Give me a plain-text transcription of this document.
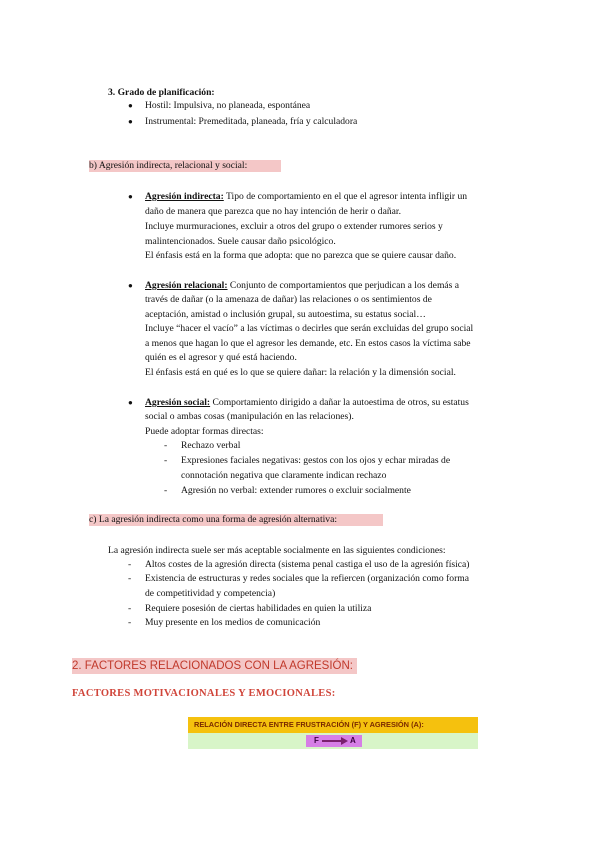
3. Grado de planificación:
● Hostil: Impulsiva, no planeada, espontánea
● Instrumental: Premeditada, planeada, fría y calculadora
b) Agresión indirecta, relacional y social:
● Agresión indirecta: Tipo de comportamiento en el que el agresor intenta infligir un
daño de manera que parezca que no hay intención de herir o dañar.
Incluye murmuraciones, excluir a otros del grupo o extender rumores serios y
malintencionados. Suele causar daño psicológico.
El énfasis está en la forma que adopta: que no parezca que se quiere causar daño.
● Agresión relacional: Conjunto de comportamientos que perjudican a los demás a
través de dañar (o la amenaza de dañar) las relaciones o os sentimientos de
aceptación, amistad o inclusión grupal, su autoestima, su estatus social…
Incluye “hacer el vacío” a las víctimas o decirles que serán excluidas del grupo social
a menos que hagan lo que el agresor les demande, etc. En estos casos la víctima sabe
quién es el agresor y qué está haciendo.
El énfasis está en qué es lo que se quiere dañar: la relación y la dimensión social.
● Agresión social: Comportamiento dirigido a dañar la autoestima de otros, su estatus
social o ambas cosas (manipulación en las relaciones).
Puede adoptar formas directas:
- Rechazo verbal
- Expresiones faciales negativas: gestos con los ojos y echar miradas de
connotación negativa que claramente indican rechazo
- Agresión no verbal: extender rumores o excluir socialmente
c) La agresión indirecta como una forma de agresión alternativa:
La agresión indirecta suele ser más aceptable socialmente en las siguientes condiciones:
- Altos costes de la agresión directa (sistema penal castiga el uso de la agresión física)
- Existencia de estructuras y redes sociales que la refiercen (organización como forma
de competitividad y competencia)
- Requiere posesión de ciertas habilidades en quien la utiliza
- Muy presente en los medios de comunicación
2. FACTORES RELACIONADOS CON LA AGRESIÓN:
FACTORES MOTIVACIONALES Y EMOCIONALES:
RELACIÓN DIRECTA ENTRE FRUSTRACIÓN (F) Y AGRESIÓN (A):
F	A
